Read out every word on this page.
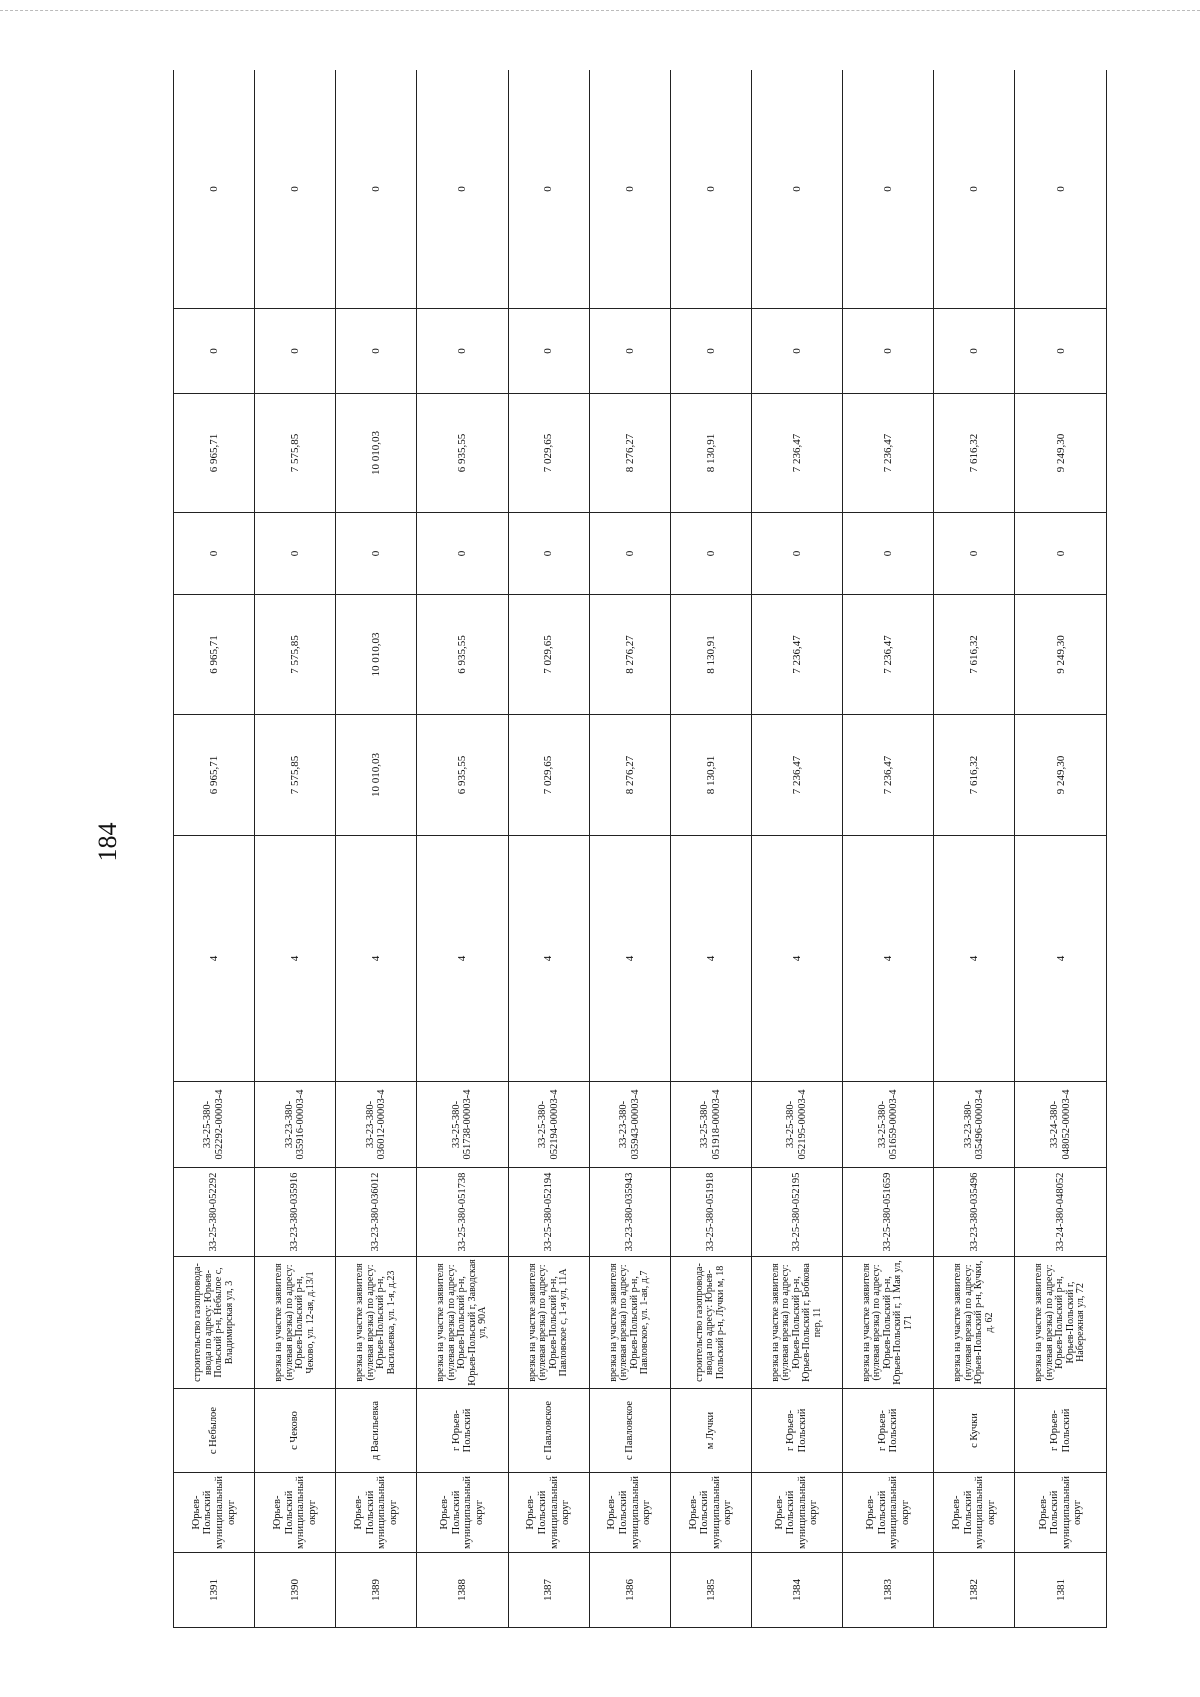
184
1391	Юрьев-Польский муниципальный округ	с Небылое	строительство газопровода-ввода по адресу: Юрьев-Польский р-н, Небылое с, Владимирская ул, 3	33-25-380-052292	33-25-380-052292-00003-4	4	6 965,71	6 965,71	0	6 965,71	0	0
1390	Юрьев-Польский муниципальный округ	с Чеково	врезка на участке заявителя (нулевая врезка) по адресу: Юрьев-Польский р-н, Чеково, ул. 12-ая, д.13/1	33-23-380-035916	33-23-380-035916-00003-4	4	7 575,85	7 575,85	0	7 575,85	0	0
1389	Юрьев-Польский муниципальный округ	д Васильевка	врезка на участке заявителя (нулевая врезка) по адресу: Юрьев-Польский р-н, Васильевка, ул. 1-я, д.23	33-23-380-036012	33-23-380-036012-00003-4	4	10 010,03	10 010,03	0	10 010,03	0	0
1388	Юрьев-Польский муниципальный округ	г Юрьев-Польский	врезка на участке заявителя (нулевая врезка) по адресу: Юрьев-Польский р-н, Юрьев-Польский г, Заводская ул, 90А	33-25-380-051738	33-25-380-051738-00003-4	4	6 935,55	6 935,55	0	6 935,55	0	0
1387	Юрьев-Польский муниципальный округ	с Павловское	врезка на участке заявителя (нулевая врезка) по адресу: Юрьев-Польский р-н, Павловское с, 1-я ул, 11А	33-25-380-052194	33-25-380-052194-00003-4	4	7 029,65	7 029,65	0	7 029,65	0	0
1386	Юрьев-Польский муниципальный округ	с Павловское	врезка на участке заявителя (нулевая врезка) по адресу: Юрьев-Польский р-н, Павловское, ул. 1-ая, д.7	33-23-380-035943	33-23-380-035943-00003-4	4	8 276,27	8 276,27	0	8 276,27	0	0
1385	Юрьев-Польский муниципальный округ	м Лучки	строительство газопровода-ввода по адресу: Юрьев-Польский р-н, Лучки м, 18	33-25-380-051918	33-25-380-051918-00003-4	4	8 130,91	8 130,91	0	8 130,91	0	0
1384	Юрьев-Польский муниципальный округ	г Юрьев-Польский	врезка на участке заявителя (нулевая врезка) по адресу: Юрьев-Польский р-н, Юрьев-Польский г, Бобкова пер, 11	33-25-380-052195	33-25-380-052195-00003-4	4	7 236,47	7 236,47	0	7 236,47	0	0
1383	Юрьев-Польский муниципальный округ	г Юрьев-Польский	врезка на участке заявителя (нулевая врезка) по адресу: Юрьев-Польский р-н, Юрьев-Польский г, 1 Мая ул, 171	33-25-380-051659	33-25-380-051659-00003-4	4	7 236,47	7 236,47	0	7 236,47	0	0
1382	Юрьев-Польский муниципальный округ	с Кучки	врезка на участке заявителя (нулевая врезка) по адресу: Юрьев-Польский р-н, Кучки, д. 62	33-23-380-035496	33-23-380-035496-00003-4	4	7 616,32	7 616,32	0	7 616,32	0	0
1381	Юрьев-Польский муниципальный округ	г Юрьев-Польский	врезка на участке заявителя (нулевая врезка) по адресу: Юрьев-Польский р-н, Юрьев-Польский г, Набережная ул, 72	33-24-380-048052	33-24-380-048052-00003-4	4	9 249,30	9 249,30	0	9 249,30	0	0
